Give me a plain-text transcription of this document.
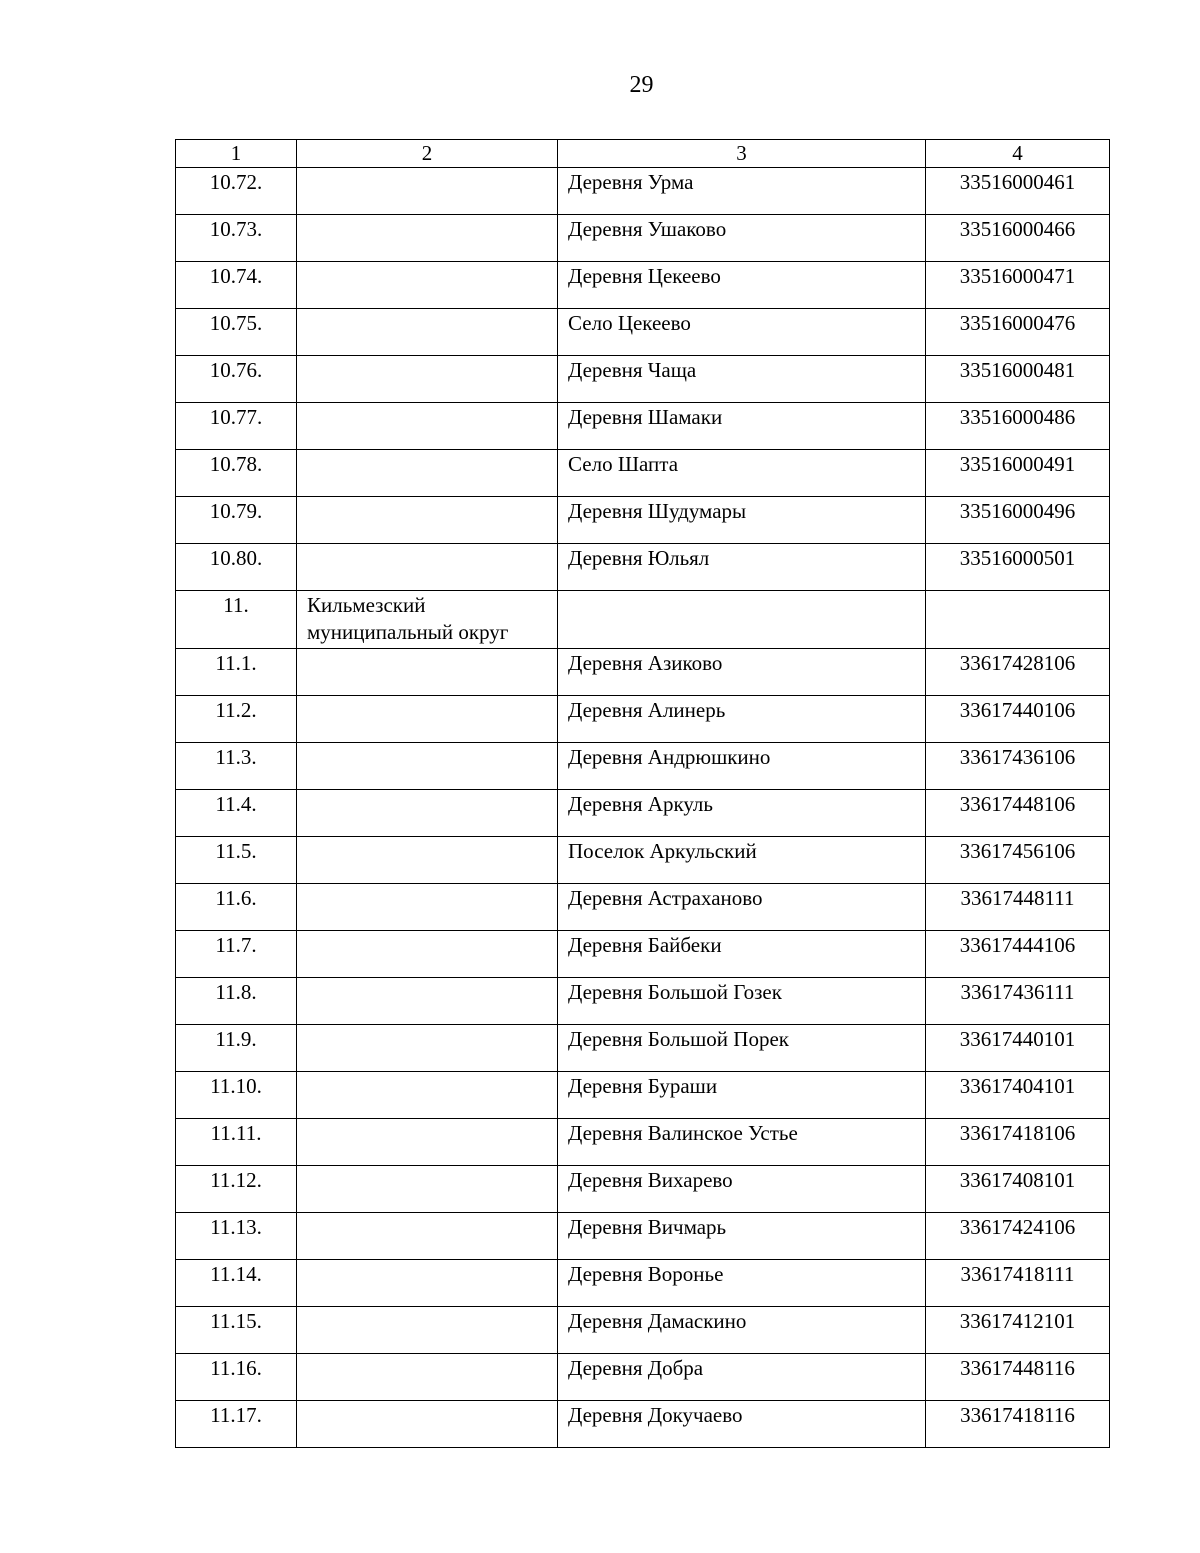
29
1	2	3	4
10.72.		Деревня Урма	33516000461
10.73.		Деревня Ушаково	33516000466
10.74.		Деревня Цекеево	33516000471
10.75.		Село Цекеево	33516000476
10.76.		Деревня Чаща	33516000481
10.77.		Деревня Шамаки	33516000486
10.78.		Село Шапта	33516000491
10.79.		Деревня Шудумары	33516000496
10.80.		Деревня Юльял	33516000501
11.	Кильмезский
муниципальный округ		
11.1.		Деревня Азиково	33617428106
11.2.		Деревня Алинерь	33617440106
11.3.		Деревня Андрюшкино	33617436106
11.4.		Деревня Аркуль	33617448106
11.5.		Поселок Аркульский	33617456106
11.6.		Деревня Астраханово	33617448111
11.7.		Деревня Байбеки	33617444106
11.8.		Деревня Большой Гозек	33617436111
11.9.		Деревня Большой Порек	33617440101
11.10.		Деревня Бураши	33617404101
11.11.		Деревня Валинское Устье	33617418106
11.12.		Деревня Вихарево	33617408101
11.13.		Деревня Вичмарь	33617424106
11.14.		Деревня Воронье	33617418111
11.15.		Деревня Дамаскино	33617412101
11.16.		Деревня Добра	33617448116
11.17.		Деревня Докучаево	33617418116
